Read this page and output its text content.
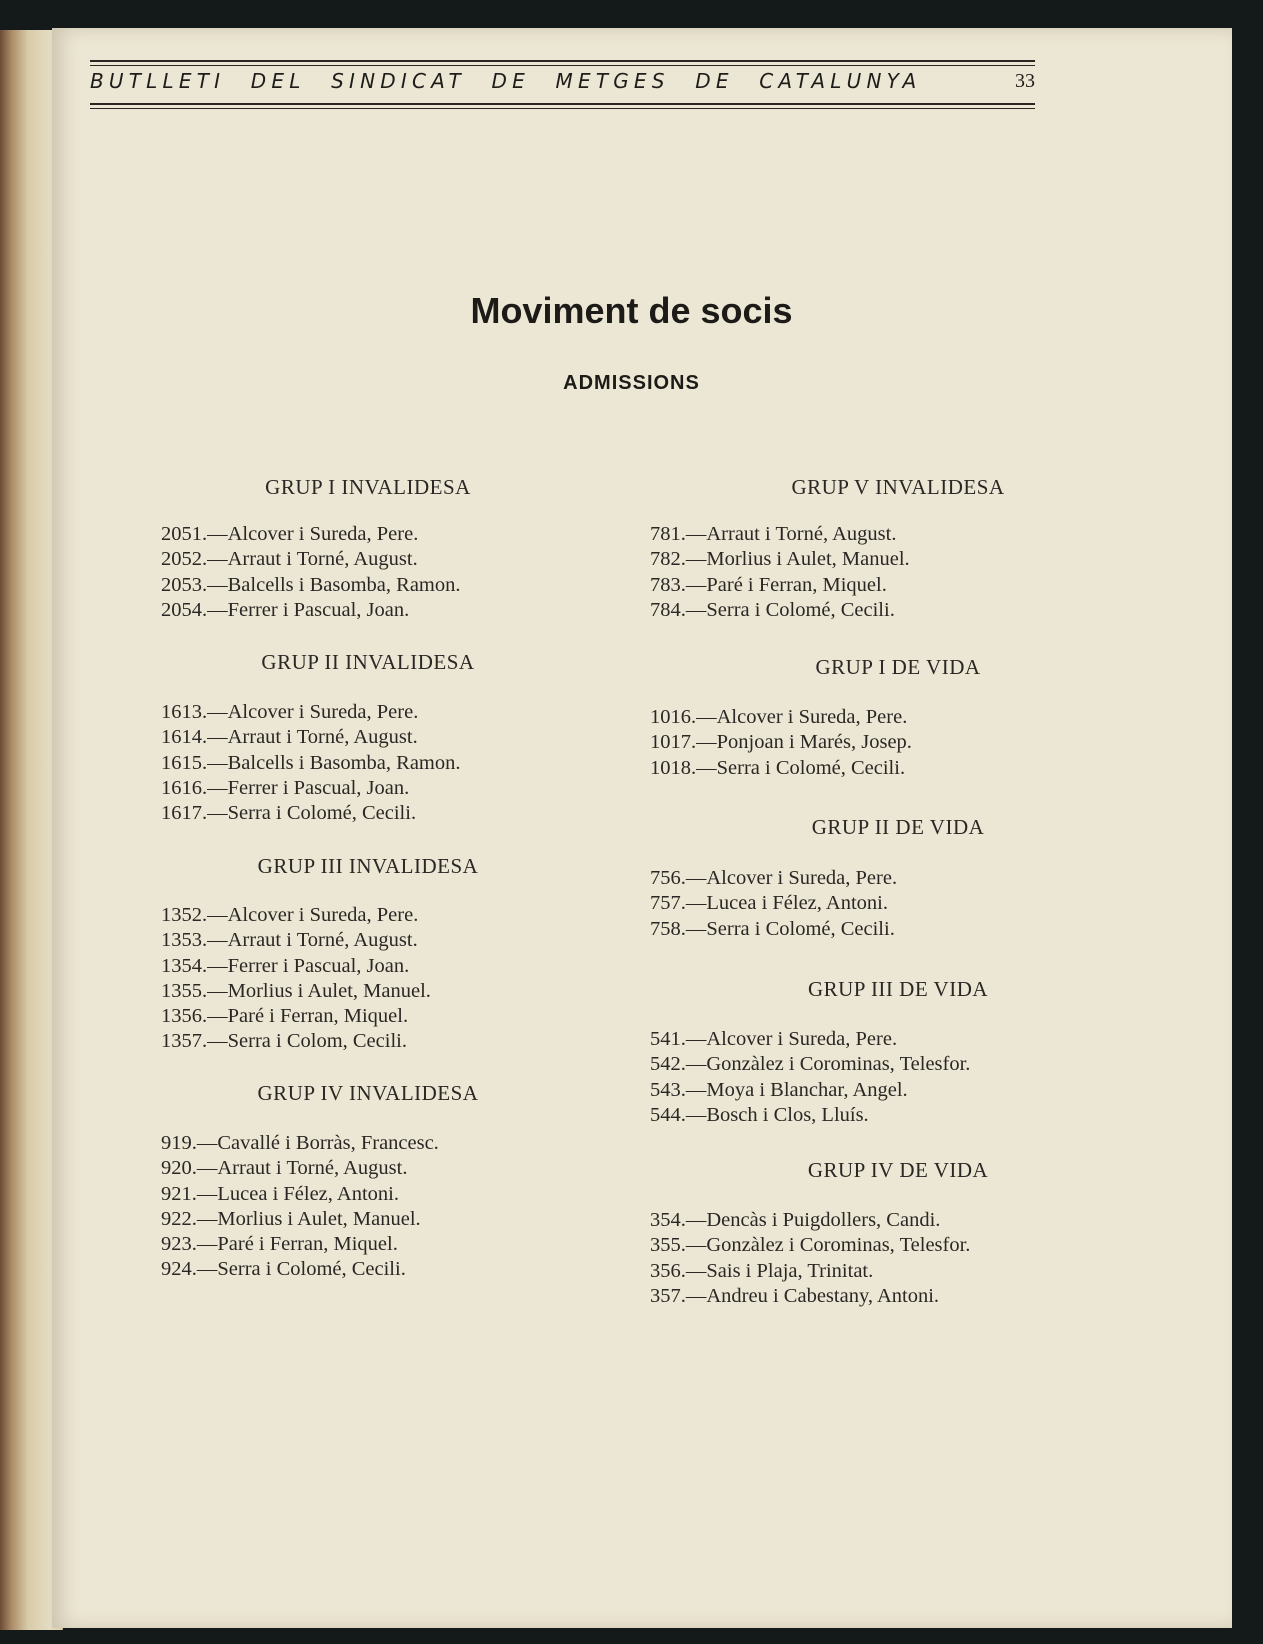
BUTLLETI DEL SINDICAT DE METGES DE CATALUNYA	33
Moviment de socis
ADMISSIONS
GRUP I INVALIDESA
2051.—Alcover i Sureda, Pere.
2052.—Arraut i Torné, August.
2053.—Balcells i Basomba, Ramon.
2054.—Ferrer i Pascual, Joan.
GRUP II INVALIDESA
1613.—Alcover i Sureda, Pere.
1614.—Arraut i Torné, August.
1615.—Balcells i Basomba, Ramon.
1616.—Ferrer i Pascual, Joan.
1617.—Serra i Colomé, Cecili.
GRUP III INVALIDESA
1352.—Alcover i Sureda, Pere.
1353.—Arraut i Torné, August.
1354.—Ferrer i Pascual, Joan.
1355.—Morlius i Aulet, Manuel.
1356.—Paré i Ferran, Miquel.
1357.—Serra i Colom, Cecili.
GRUP IV INVALIDESA
919.—Cavallé i Borràs, Francesc.
920.—Arraut i Torné, August.
921.—Lucea i Félez, Antoni.
922.—Morlius i Aulet, Manuel.
923.—Paré i Ferran, Miquel.
924.—Serra i Colomé, Cecili.
GRUP V INVALIDESA
781.—Arraut i Torné, August.
782.—Morlius i Aulet, Manuel.
783.—Paré i Ferran, Miquel.
784.—Serra i Colomé, Cecili.
GRUP I DE VIDA
1016.—Alcover i Sureda, Pere.
1017.—Ponjoan i Marés, Josep.
1018.—Serra i Colomé, Cecili.
GRUP II DE VIDA
756.—Alcover i Sureda, Pere.
757.—Lucea i Félez, Antoni.
758.—Serra i Colomé, Cecili.
GRUP III DE VIDA
541.—Alcover i Sureda, Pere.
542.—Gonzàlez i Corominas, Telesfor.
543.—Moya i Blanchar, Angel.
544.—Bosch i Clos, Lluís.
GRUP IV DE VIDA
354.—Dencàs i Puigdollers, Candi.
355.—Gonzàlez i Corominas, Telesfor.
356.—Sais i Plaja, Trinitat.
357.—Andreu i Cabestany, Antoni.
